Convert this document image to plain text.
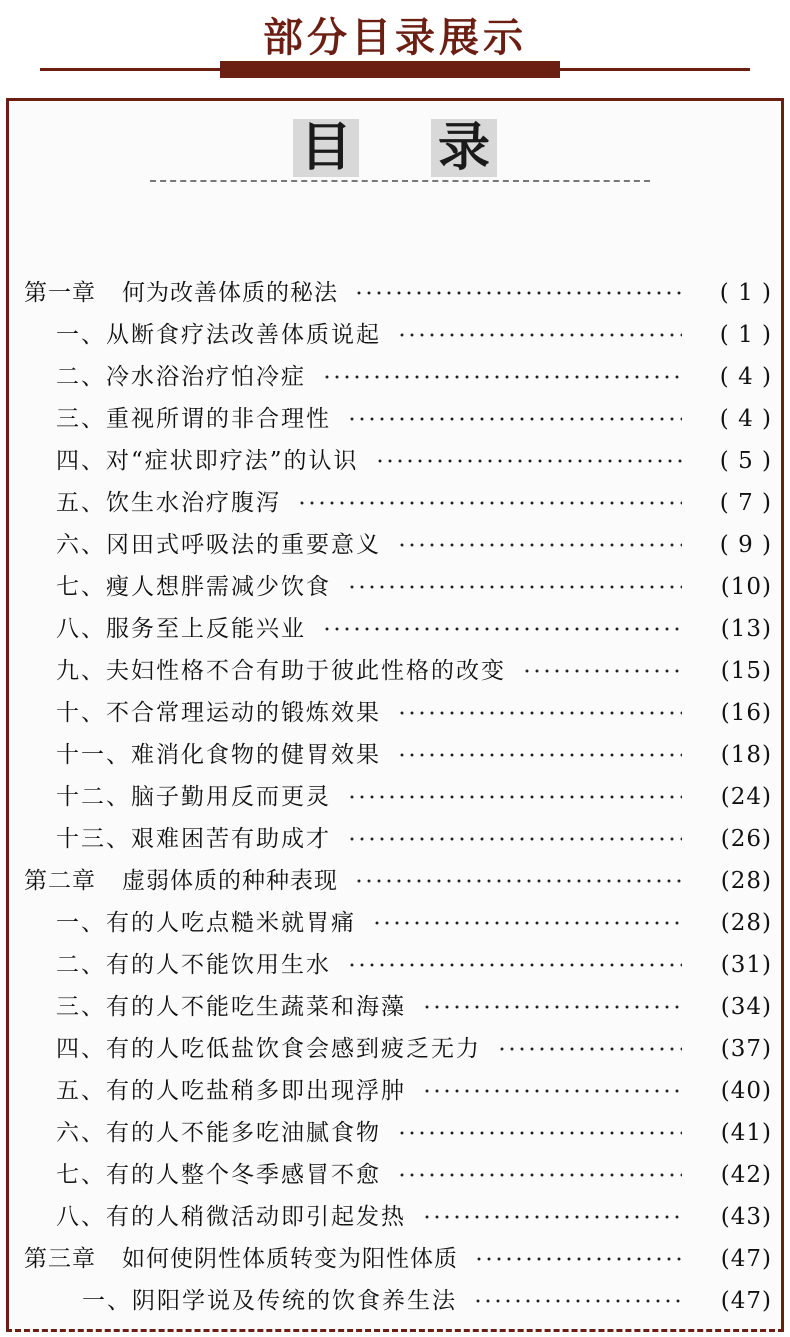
部分目录展示
目 录
第一章 何为改善体质的秘法	( 1 )
一、从断食疗法改善体质说起	( 1 )
二、冷水浴治疗怕冷症	( 4 )
三、重视所谓的非合理性	( 4 )
四、对“症状即疗法”的认识	( 5 )
五、饮生水治疗腹泻	( 7 )
六、冈田式呼吸法的重要意义	( 9 )
七、瘦人想胖需减少饮食	(10)
八、服务至上反能兴业	(13)
九、夫妇性格不合有助于彼此性格的改变	(15)
十、不合常理运动的锻炼效果	(16)
十一、难消化食物的健胃效果	(18)
十二、脑子勤用反而更灵	(24)
十三、艰难困苦有助成才	(26)
第二章 虚弱体质的种种表现	(28)
一、有的人吃点糙米就胃痛	(28)
二、有的人不能饮用生水	(31)
三、有的人不能吃生蔬菜和海藻	(34)
四、有的人吃低盐饮食会感到疲乏无力	(37)
五、有的人吃盐稍多即出现浮肿	(40)
六、有的人不能多吃油腻食物	(41)
七、有的人整个冬季感冒不愈	(42)
八、有的人稍微活动即引起发热	(43)
第三章 如何使阴性体质转变为阳性体质	(47)
一、阴阳学说及传统的饮食养生法	(47)
